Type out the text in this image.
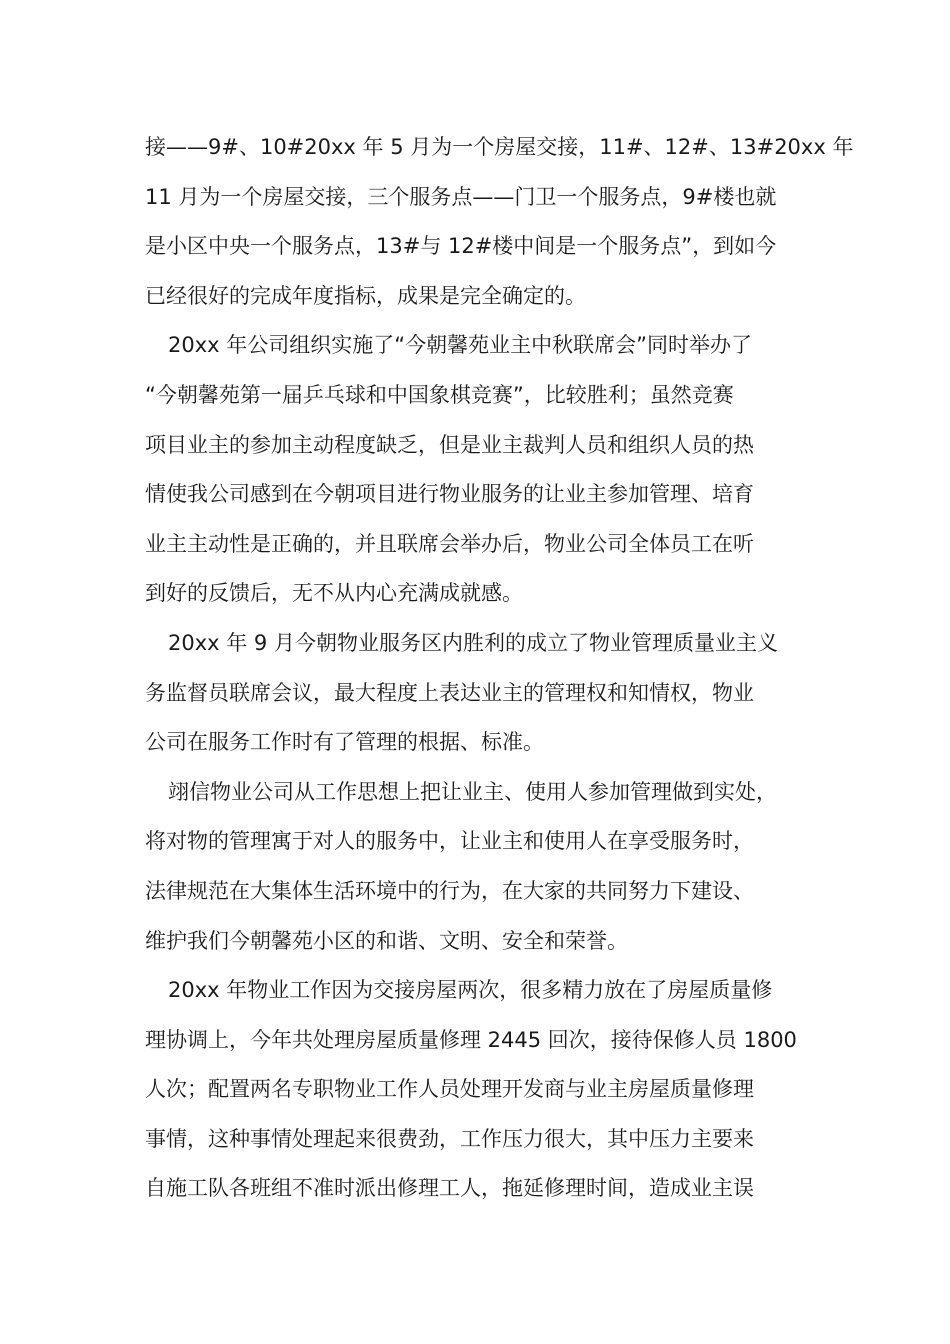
接——9#、10#20xx 年 5 月为一个房屋交接，11#、12#、13#20xx 年
11 月为一个房屋交接，三个服务点——门卫一个服务点，9#楼也就
是小区中央一个服务点，13#与 12#楼中间是一个服务点”，到如今
已经很好的完成年度指标，成果是完全确定的。
20xx 年公司组织实施了“今朝馨苑业主中秋联席会”同时举办了
“今朝馨苑第一届乒乓球和中国象棋竞赛”，比较胜利；虽然竞赛
项目业主的参加主动程度缺乏，但是业主裁判人员和组织人员的热
情使我公司感到在今朝项目进行物业服务的让业主参加管理、培育
业主主动性是正确的，并且联席会举办后，物业公司全体员工在听
到好的反馈后，无不从内心充满成就感。
20xx 年 9 月今朝物业服务区内胜利的成立了物业管理质量业主义
务监督员联席会议，最大程度上表达业主的管理权和知情权，物业
公司在服务工作时有了管理的根据、标准。
翊信物业公司从工作思想上把让业主、使用人参加管理做到实处，
将对物的管理寓于对人的服务中，让业主和使用人在享受服务时，
法律规范在大集体生活环境中的行为，在大家的共同努力下建设、
维护我们今朝馨苑小区的和谐、文明、安全和荣誉。
20xx 年物业工作因为交接房屋两次，很多精力放在了房屋质量修
理协调上，今年共处理房屋质量修理 2445 回次，接待保修人员 1800
人次；配置两名专职物业工作人员处理开发商与业主房屋质量修理
事情，这种事情处理起来很费劲，工作压力很大，其中压力主要来
自施工队各班组不准时派出修理工人，拖延修理时间，造成业主误
